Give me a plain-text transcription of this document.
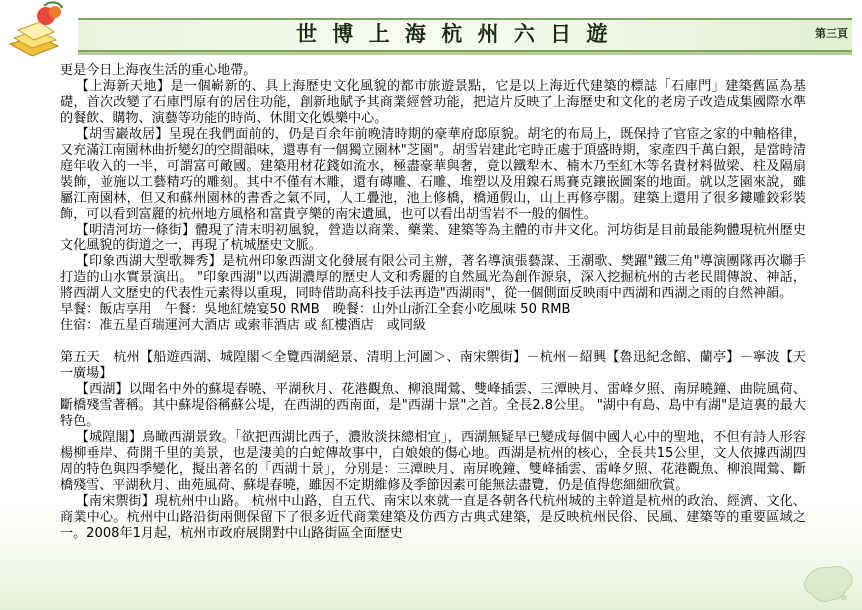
世 博 上 海 杭 州 六 日 遊	第三頁

更是今日上海夜生活的重心地帶。

【上海新天地】是一個嶄新的、具上海歷史文化風貌的都市旅遊景點，它是以上海近代建築的標誌「石庫門」建築舊區為基礎，首次改變了石庫門原有的居住功能，創新地賦予其商業經營功能，把這片反映了上海歷史和文化的老房子改造成集國際水準的餐飲、購物、演藝等功能的時尚、休閒文化娛樂中心。

【胡雪巖故居】呈現在我們面前的，仍是百余年前晚清時期的豪華府邸原貌。胡宅的布局上，既保持了官宦之家的中軸格律，又充滿江南園林曲折變幻的空間韻味，還專有一個獨立園林"芝園"。胡雪岩建此宅時正處于頂盛時期，家產四千萬白銀，是當時清庭年收入的一半，可謂富可敵國。建築用材花錢如流水，極盡豪華與奢，竟以鐵犁木、楠木乃至紅木等名貴材料做梁、柱及隔扇裝飾，並施以工藝精巧的雕刻。其中不僅有木雕，還有磚雕、石雕、堆塑以及用鎳石馬賽克鑲嵌圖案的地面。就以芝園來說，雖屬江南園林，但又和蘇州園林的書香之氣不同，人工疊池，池上修橋，橋通假山，山上再修亭閣。建築上還用了很多鏤雕鉸彩裝飾，可以看到富麗的杭州地方風格和富貴亨樂的南宋遺風，也可以看出胡雪岩不一般的個性。

【明清河坊一條街】體現了清末明初風貌，營造以商業、藥業、建築等為主體的市井文化。河坊街是目前最能夠體現杭州歷史文化風貌的街道之一，再現了杭城歷史文脈。

【印象西湖大型歌舞秀】是杭州印象西湖文化發展有限公司主辦，著名導演張藝謀、王潮歌、樊躍"鐵三角"導演團隊再次聯手打造的山水實景演出。 "印象西湖"以西湖濃厚的歷史人文和秀麗的自然風光為創作源泉，深入挖掘杭州的古老民間傳說、神話，將西湖人文歷史的代表性元素得以重現，同時借助高科技手法再造"西湖雨"，從一個側面反映雨中西湖和西湖之雨的自然神韻。

早餐：飯店享用　午餐：吳地紅燒宴50 RMB　晚餐：山外山浙江全套小吃風味 50 RMB

住宿：准五星百瑞運河大酒店 或索菲酒店 或 紅樓酒店　或同級

第五天　杭州【船遊西湖、城隍閣＜全覽西湖絕景、清明上河圖＞、南宋禦街】－杭州－紹興【魯迅紀念館、蘭亭】－寧波【天一廣場】

【西湖】以聞名中外的蘇堤春曉、平湖秋月、花港觀魚、柳浪聞鶯、雙峰插雲、三潭映月、雷峰夕照、南屏曉鐘、曲院風荷、斷橋殘雪著稱。其中蘇堤俗稱蘇公堤，在西湖的西南面，是"西湖十景"之首。全長2.8公里。 "湖中有島、島中有湖"是這裏的最大特色。

【城隍閣】鳥瞰西湖景致。「欲把西湖比西子，濃妝淡抹總相宜」，西湖無疑早已變成每個中國人心中的聖地，不但有詩人形容楊柳垂岸、荷開千里的美景，也是淒美的白蛇傳故事中，白娘娘的傷心地。西湖是杭州的核心，全長共15公里，文人依據西湖四周的特色與四季變化，擬出著名的「西湖十景」，分別是：三潭映月、南屏晚鐘、雙峰插雲、雷峰夕照、花港觀魚、柳浪聞鶯、斷橋殘雪、平湖秋月、曲苑風荷、蘇堤春曉，雖因不定期維修及季節因素可能無法盡覽，仍是值得您細細欣賞。

【南宋禦街】現杭州中山路。 杭州中山路，自五代、南宋以來就一直是各朝各代杭州城的主幹道是杭州的政治、經濟、文化、商業中心。杭州中山路沿街兩側保留下了很多近代商業建築及仿西方古典式建築，是反映杭州民俗、民風、建築等的重要區域之一。2008年1月起，杭州市政府展開對中山路街區全面歷史
